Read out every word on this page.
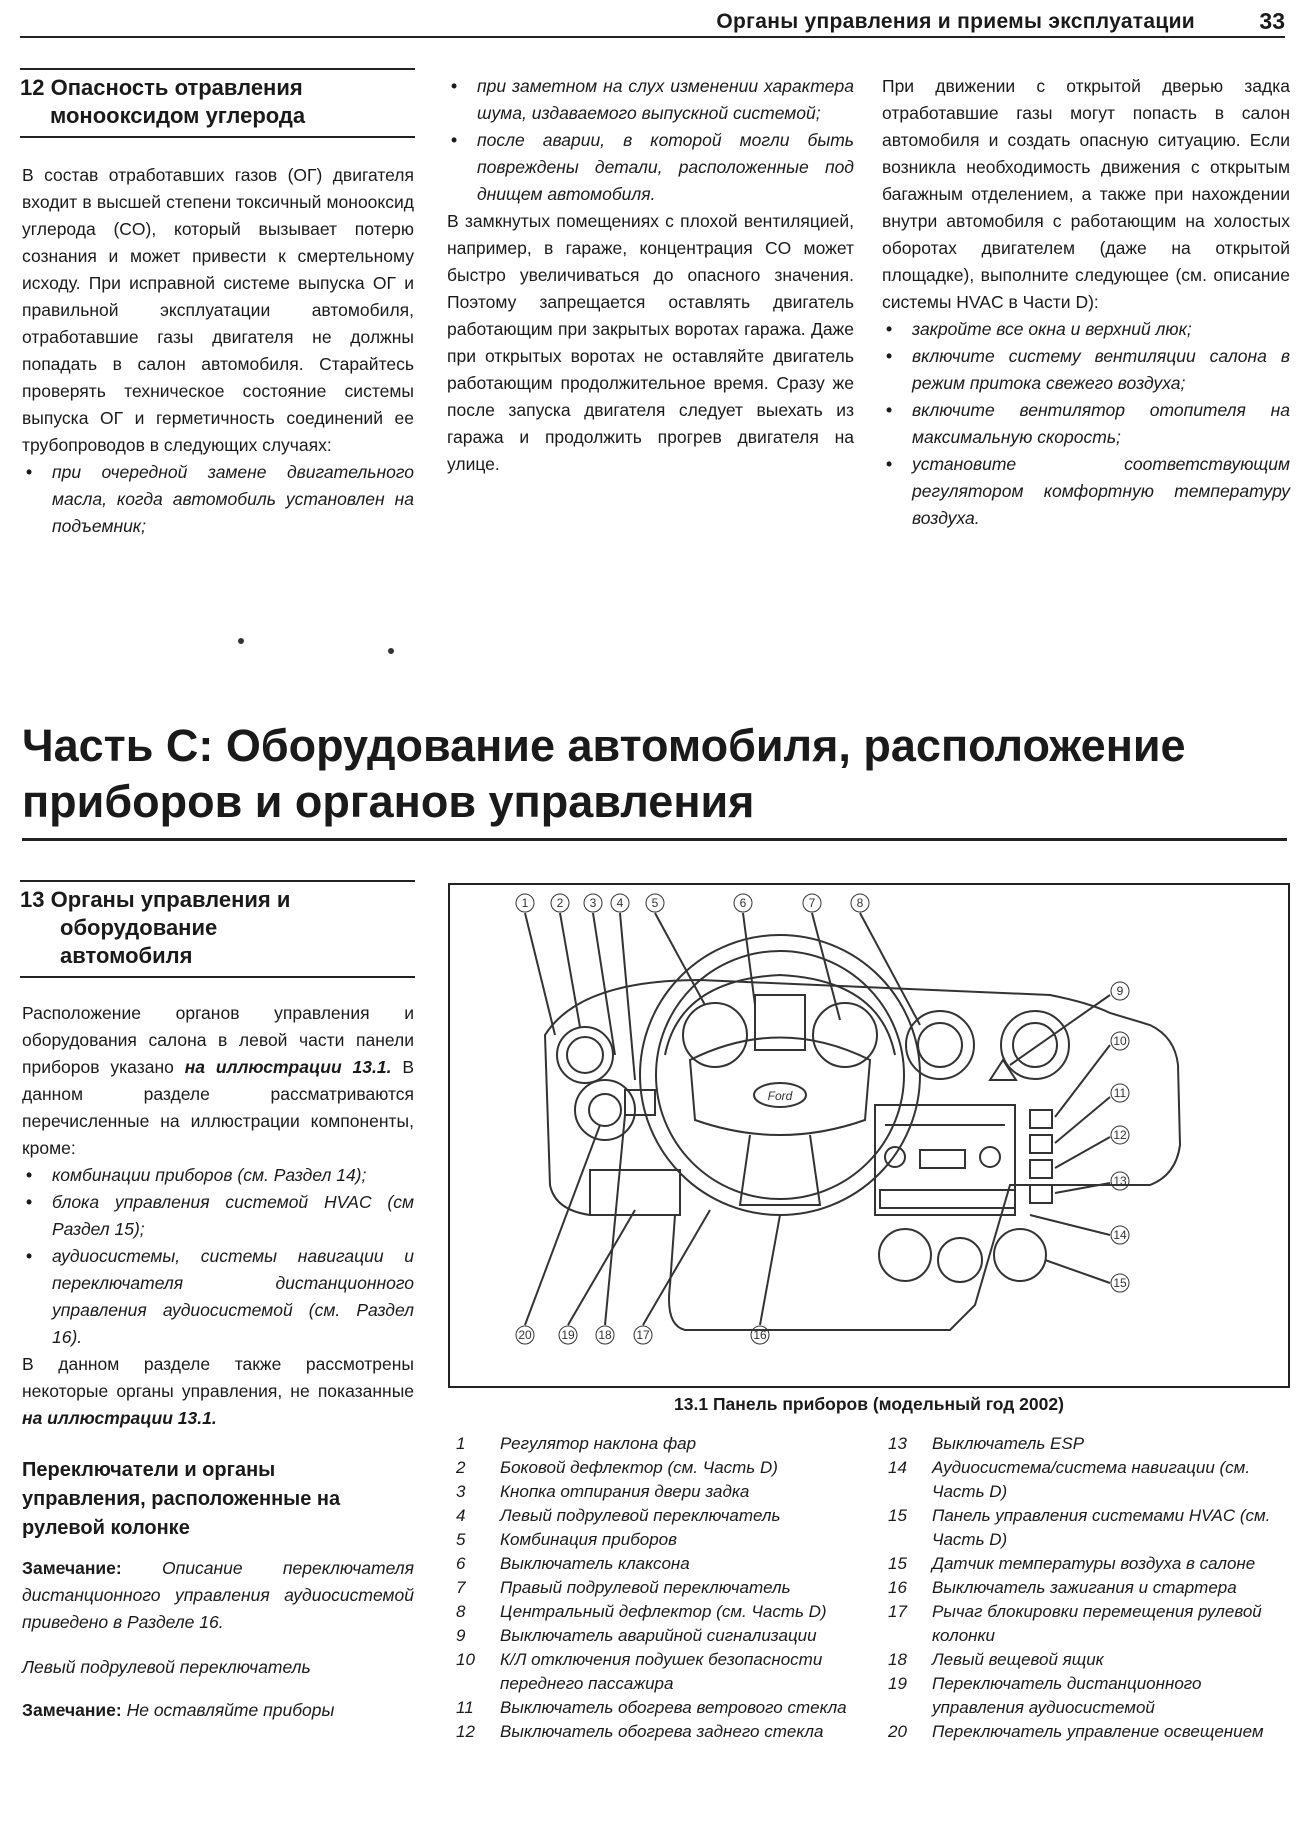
Органы управления и приемы эксплуатации	33
12 Опасность отравления
монооксидом углерода

В состав отработавших газов (ОГ) двигателя входит в высшей степени токсичный монооксид углерода (CO), который вызывает потерю сознания и может привести к смертельному исходу. При исправной системе выпуска ОГ и правильной эксплуатации автомобиля, отработавшие газы двигателя не должны попадать в салон автомобиля. Старайтесь проверять техническое состояние системы выпуска ОГ и герметичность соединений ее трубопроводов в следующих случаях:

• при очередной замене двигательного масла, когда автомобиль установлен на подъемник;
• при заметном на слух изменении характера шума, издаваемого выпускной системой;
• после аварии, в которой могли быть повреждены детали, расположенные под днищем автомобиля.

В замкнутых помещениях с плохой вентиляцией, например, в гараже, концентрация CO может быстро увеличиваться до опасного значения. Поэтому запрещается оставлять двигатель работающим при закрытых воротах гаража. Даже при открытых воротах не оставляйте двигатель работающим продолжительное время. Сразу же после запуска двигателя следует выехать из гаража и продолжить прогрев двигателя на улице.

При движении с открытой дверью задка отработавшие газы могут попасть в салон автомобиля и создать опасную ситуацию. Если возникла необходимость движения с открытым багажным отделением, а также при нахождении внутри автомобиля с работающим на холостых оборотах двигателем (даже на открытой площадке), выполните следующее (см. описание системы HVAC в Части D):

• закройте все окна и верхний люк;
• включите систему вентиляции салона в режим притока свежего воздуха;
• включите вентилятор отопителя на максимальную скорость;
• установите соответствующим регулятором комфортную температуру воздуха.
Часть C: Оборудование автомобиля, расположение
приборов и органов управления
13 Органы управления и
оборудование
автомобиля

Расположение органов управления и оборудования салона в левой части панели приборов указано на иллюстрации 13.1. В данном разделе рассматриваются перечисленные на иллюстрации компоненты, кроме:

• комбинации приборов (см. Раздел 14);
• блока управления системой HVAC (см Раздел 15);
• аудиосистемы, системы навигации и переключателя дистанционного управления аудиосистемой (см. Раздел 16).

В данном разделе также рассмотрены некоторые органы управления, не показанные на иллюстрации 13.1.

Переключатели и органы
управления, расположенные на
рулевой колонке

Замечание: Описание переключателя дистанционного управления аудиосистемой приведено в Разделе 16.

Левый подрулевой переключатель

Замечание: Не оставляйте приборы

1 2 3 4 5	6	7	8
9
10
11
12
13
14
15
20 19 18 17	16
Ford
13.1 Панель приборов (модельный год 2002)
1	Регулятор наклона фар
2	Боковой дефлектор (см. Часть D)
3	Кнопка отпирания двери задка
4	Левый подрулевой переключатель
5	Комбинация приборов
6	Выключатель клаксона
7	Правый подрулевой переключатель
8	Центральный дефлектор (см. Часть D)
9	Выключатель аварийной сигнализации
10	К/Л отключения подушек безопасности переднего пассажира
11	Выключатель обогрева ветрового стекла
12	Выключатель обогрева заднего стекла
13	Выключатель ESP
14	Аудиосистема/система навигации (см. Часть D)
15	Панель управления системами HVAC (см. Часть D)
15	Датчик температуры воздуха в салоне
16	Выключатель зажигания и стартера
17	Рычаг блокировки перемещения рулевой колонки
18	Левый вещевой ящик
19	Переключатель дистанционного управления аудиосистемой
20	Переключатель управление освещением
